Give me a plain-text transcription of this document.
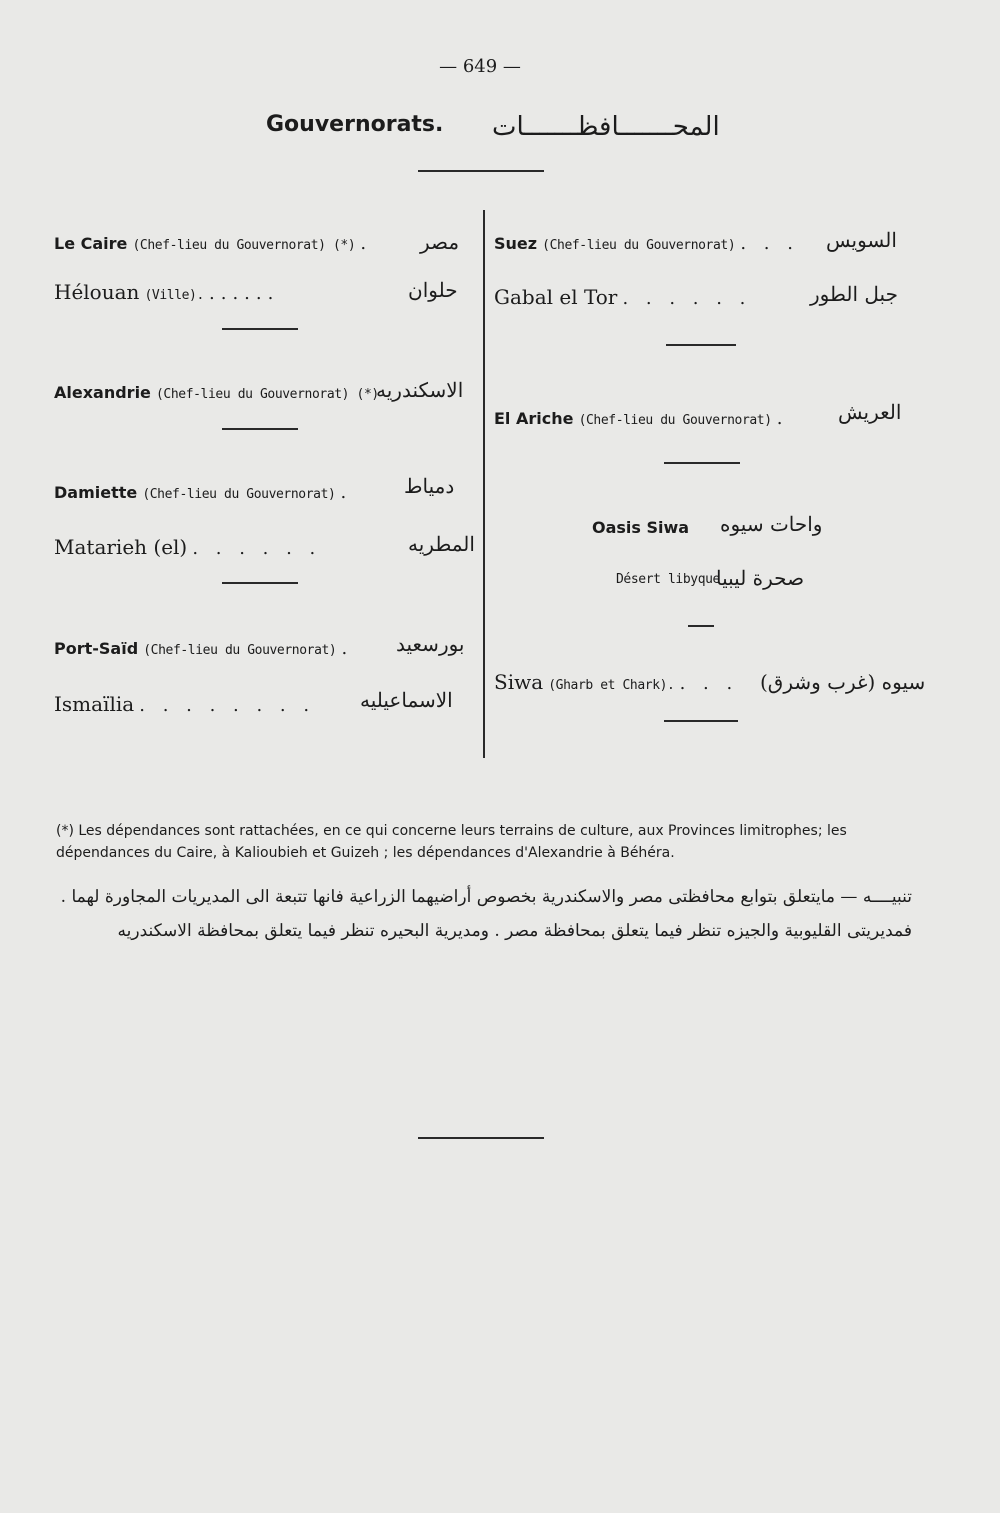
— 649 —
Gouvernorats. المحـــــــافظـــــــات
Le Caire (Chef-lieu du Gouvernorat) (*) . مصر
Hélouan (Ville). ......	حلوان
Alexandrie (Chef-lieu du Gouvernorat) (*)
الاسكندريه
Damiette (Chef-lieu du Gouvernorat) .	دمياط
Matarieh (el) . . . . . .	المطريه
Port-Saïd (Chef-lieu du Gouvernorat) . بورسعيد
Ismaïlia . . . . . . . . الاسماعيليه
Suez (Chef-lieu du Gouvernorat) . . . السويس
Gabal el Tor . . . . . .	جبل الطور
El Ariche (Chef-lieu du Gouvernorat) . العريش
Oasis Siwa واحات سيوه
Désert libyque
صحرة ليبيا
Siwa (Gharb et Chark). . . . سيوه (غرب وشرق)
(*) Les dépendances sont rattachées, en ce qui concerne leurs terrains de culture, aux Provinces limitrophes; les dépendances du Caire, à Kalioubieh et Guizeh ; les dépendances d'Alexandrie à Béhéra.
تنبيــــه — مايتعلق بتوابع محافظتى مصر والاسكندرية بخصوص أراضيهما الزراعية فانها تتبعة الى المديريات المجاورة لهما . فمديريتى القليوبية والجيزه تنظر فيما يتعلق بمحافظة مصر . ومديرية البحيره تنظر فيما يتعلق بمحافظة الاسكندريه
